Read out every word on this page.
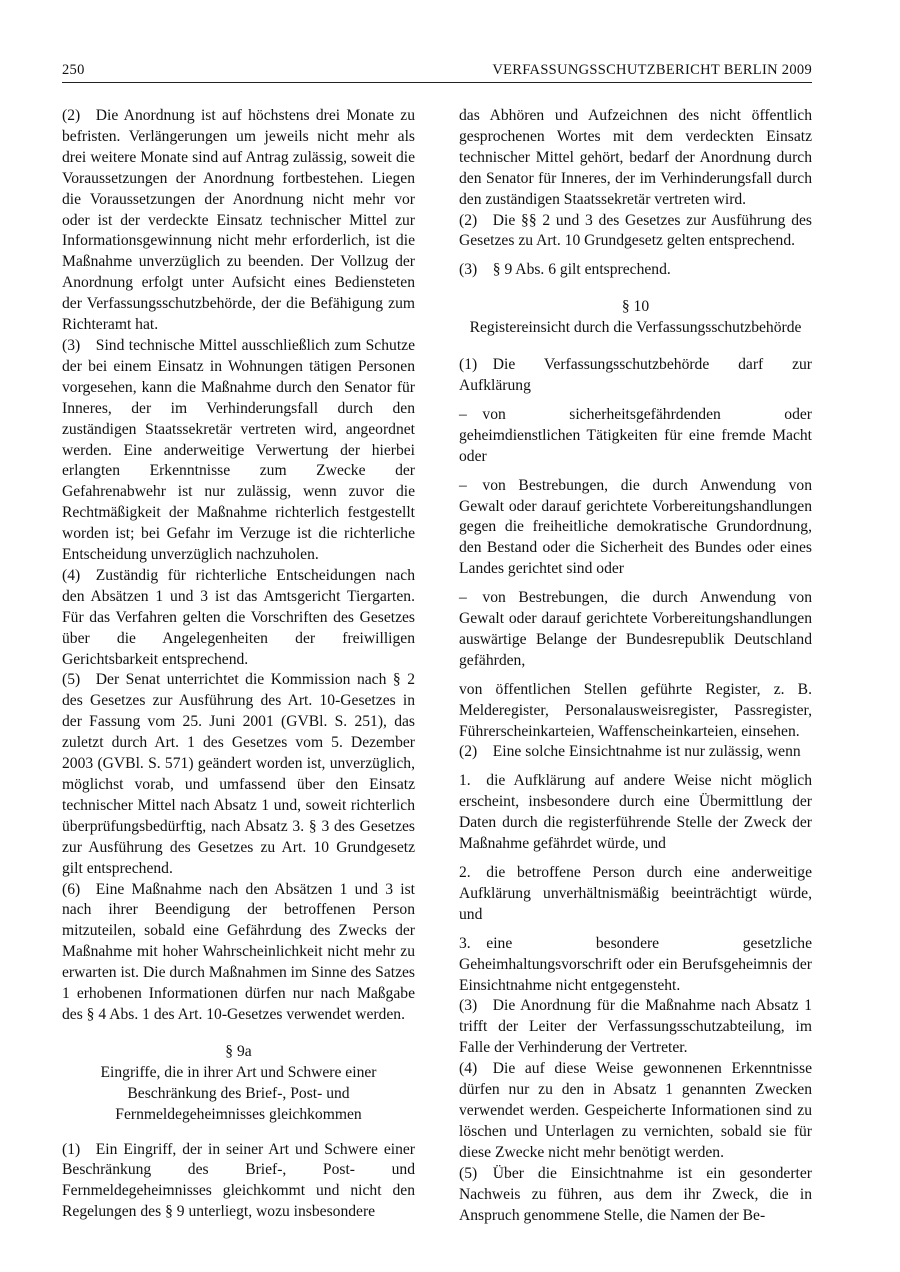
250	VERFASSUNGSSCHUTZBERICHT BERLIN 2009

(2) Die Anordnung ist auf höchstens drei Monate zu befristen. Verlängerungen um jeweils nicht mehr als drei weitere Monate sind auf Antrag zulässig, soweit die Voraussetzungen der Anordnung fortbestehen. Liegen die Voraussetzungen der Anordnung nicht mehr vor oder ist der verdeckte Einsatz technischer Mittel zur Informationsgewinnung nicht mehr erforderlich, ist die Maßnahme unverzüglich zu beenden. Der Vollzug der Anordnung erfolgt unter Aufsicht eines Bediensteten der Verfassungsschutzbehörde, der die Befähigung zum Richteramt hat.

(3) Sind technische Mittel ausschließlich zum Schutze der bei einem Einsatz in Wohnungen tätigen Personen vorgesehen, kann die Maßnahme durch den Senator für Inneres, der im Verhinderungsfall durch den zuständigen Staatssekretär vertreten wird, angeordnet werden. Eine anderweitige Verwertung der hierbei erlangten Erkenntnisse zum Zwecke der Gefahrenabwehr ist nur zulässig, wenn zuvor die Rechtmäßigkeit der Maßnahme richterlich festgestellt worden ist; bei Gefahr im Verzuge ist die richterliche Entscheidung unverzüglich nachzuholen.

(4) Zuständig für richterliche Entscheidungen nach den Absätzen 1 und 3 ist das Amtsgericht Tiergarten. Für das Verfahren gelten die Vorschriften des Gesetzes über die Angelegenheiten der freiwilligen Gerichtsbarkeit entsprechend.

(5) Der Senat unterrichtet die Kommission nach § 2 des Gesetzes zur Ausführung des Art. 10-Gesetzes in der Fassung vom 25. Juni 2001 (GVBl. S. 251), das zuletzt durch Art. 1 des Gesetzes vom 5. Dezember 2003 (GVBl. S. 571) geändert worden ist, unverzüglich, möglichst vorab, und umfassend über den Einsatz technischer Mittel nach Absatz 1 und, soweit richterlich überprüfungsbedürftig, nach Absatz 3. § 3 des Gesetzes zur Ausführung des Gesetzes zu Art. 10 Grundgesetz gilt entsprechend.

(6) Eine Maßnahme nach den Absätzen 1 und 3 ist nach ihrer Beendigung der betroffenen Person mitzuteilen, sobald eine Gefährdung des Zwecks der Maßnahme mit hoher Wahrscheinlichkeit nicht mehr zu erwarten ist. Die durch Maßnahmen im Sinne des Satzes 1 erhobenen Informationen dürfen nur nach Maßgabe des § 4 Abs. 1 des Art. 10-Gesetzes verwendet werden.

§ 9a
Eingriffe, die in ihrer Art und Schwere einer Beschränkung des Brief-, Post- und Fernmeldegeheimnisses gleichkommen

(1) Ein Eingriff, der in seiner Art und Schwere einer Beschränkung des Brief-, Post- und Fernmeldegeheimnisses gleichkommt und nicht den Regelungen des § 9 unterliegt, wozu insbesondere

das Abhören und Aufzeichnen des nicht öffentlich gesprochenen Wortes mit dem verdeckten Einsatz technischer Mittel gehört, bedarf der Anordnung durch den Senator für Inneres, der im Verhinderungsfall durch den zuständigen Staatssekretär vertreten wird.

(2) Die §§ 2 und 3 des Gesetzes zur Ausführung des Gesetzes zu Art. 10 Grundgesetz gelten entsprechend.

(3) § 9 Abs. 6 gilt entsprechend.

§ 10
Registereinsicht durch die Verfassungsschutzbehörde

(1) Die Verfassungsschutzbehörde darf zur Aufklärung

– von sicherheitsgefährdenden oder geheimdienstlichen Tätigkeiten für eine fremde Macht oder

– von Bestrebungen, die durch Anwendung von Gewalt oder darauf gerichtete Vorbereitungshandlungen gegen die freiheitliche demokratische Grundordnung, den Bestand oder die Sicherheit des Bundes oder eines Landes gerichtet sind oder

– von Bestrebungen, die durch Anwendung von Gewalt oder darauf gerichtete Vorbereitungshandlungen auswärtige Belange der Bundesrepublik Deutschland gefährden,

von öffentlichen Stellen geführte Register, z. B. Melderegister, Personalausweisregister, Passregister, Führerscheinkarteien, Waffenscheinkarteien, einsehen.

(2) Eine solche Einsichtnahme ist nur zulässig, wenn

1. die Aufklärung auf andere Weise nicht möglich erscheint, insbesondere durch eine Übermittlung der Daten durch die registerführende Stelle der Zweck der Maßnahme gefährdet würde, und

2. die betroffene Person durch eine anderweitige Aufklärung unverhältnismäßig beeinträchtigt würde, und

3. eine besondere gesetzliche Geheimhaltungsvorschrift oder ein Berufsgeheimnis der Einsichtnahme nicht entgegensteht.

(3) Die Anordnung für die Maßnahme nach Absatz 1 trifft der Leiter der Verfassungsschutzabteilung, im Falle der Verhinderung der Vertreter.

(4) Die auf diese Weise gewonnenen Erkenntnisse dürfen nur zu den in Absatz 1 genannten Zwecken verwendet werden. Gespeicherte Informationen sind zu löschen und Unterlagen zu vernichten, sobald sie für diese Zwecke nicht mehr benötigt werden.

(5) Über die Einsichtnahme ist ein gesonderter Nachweis zu führen, aus dem ihr Zweck, die in Anspruch genommene Stelle, die Namen der Be-
